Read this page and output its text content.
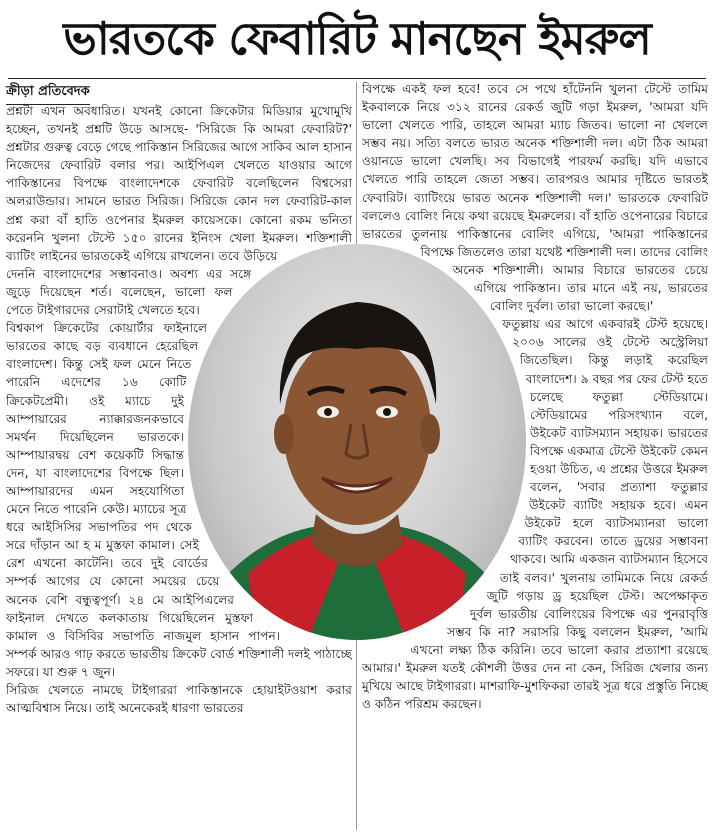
ভারতকে ফেবারিট মানছেন ইমরুল
ক্রীড়া প্রতিবেদক

প্রশ্নটা এখন অবধারিত। যখনই কোনো ক্রিকেটার মিডিয়ার মুখোমুখি হচ্ছেন, তখনই প্রশ্নটি উড়ে আসছে- 'সিরিজে কি আমরা ফেবারিট?' প্রশ্নটার গুরুত্ব বেড়ে গেছে পাকিস্তান সিরিজের আগে সাকিব আল হাসান নিজেদের ফেবারিট বলার পর। আইপিএল খেলতে যাওয়ার আগে পাকিস্তানের বিপক্ষে বাংলাদেশকে ফেবারিট বলেছিলেন বিশ্বসেরা অলরাউন্ডার। সামনে ভারত সিরিজ। সিরিজে কোন দল ফেবারিট-কাল প্রশ্ন করা বাঁ হাতি ওপেনার ইমরুল কায়েসকে। কোনো রকম ভনিতা করেননি খুলনা টেস্টে ১৫০ রানের ইনিংস খেলা ইমরুল। শক্তিশালী ব্যাটিং লাইনের ভারতকেই এগিয়ে রাখলেন। তবে উড়িয়ে দেননি বাংলাদেশের সম্ভাবনাও। অবশ্য এর সঙ্গে জুড়ে দিয়েছেন শর্ত। বলেছেন, ভালো ফল পেতে টাইগারদের সেরাটাই খেলতে হবে।

বিশ্বকাপ ক্রিকেটের কোয়ার্টার ফাইনালে ভারতের কাছে বড় ব্যবধানে হেরেছিল বাংলাদেশ। কিন্তু সেই ফল মেনে নিতে পারেনি এদেশের ১৬ কোটি ক্রিকেটপ্রেমী। ওই ম্যাচে দুই আম্পায়ারের ন্যাক্কারজনকভাবে সমর্থন দিয়েছিলেন ভারতকে। আম্পায়ারদ্বয় বেশ কয়েকটি সিদ্ধান্ত দেন, যা বাংলাদেশের বিপক্ষে ছিল। আম্পায়ারদের এমন সহযোগিতা মেনে নিতে পারেনি কেউ। ম্যাচের সূত্র ধরে আইসিসির সভাপতির পদ থেকে সরে দাঁড়ান আ হ ম মুস্তফা কামাল। সেই রেশ এখনো কাটেনি। তবে দুই বোর্ডের সম্পর্ক আগের যে কোনো সময়ের চেয়ে অনেক বেশি বন্ধুত্বপূর্ণ। ২৪ মে আইপিএলের ফাইনাল দেখতে কলকাতায় গিয়েছিলেন মুস্তফা কামাল ও বিসিবির সভাপতি নাজমুল হাসান পাপন। সম্পর্ক আরও গাঢ় করতে ভারতীয় ক্রিকেট বোর্ড শক্তিশালী দলই পাঠাচ্ছে সফরে। যা শুরু ৭ জুন।

সিরিজ খেলতে নামছে টাইগাররা পাকিস্তানকে হোয়াইটওয়াশ করার আত্মবিশ্বাস নিয়ে। তাই অনেকেরই ধারণা ভারতের

বিপক্ষে একই ফল হবে! তবে সে পথে হাঁটেননি খুলনা টেস্টে তামিম ইকবালকে নিয়ে ৩১২ রানের রেকর্ড জুটি গড়া ইমরুল, 'আমরা যদি ভালো খেলতে পারি, তাহলে আমরা ম্যাচ জিতব। ভালো না খেললে সম্ভব নয়। সত্যি বলতে ভারত অনেক শক্তিশালী দল। এটা ঠিক আমরা ওয়ানডে ভালো খেলছি। সব বিভাগেই পারফর্ম করছি। যদি এভাবে খেলতে পারি তাহলে জেতা সম্ভব। তারপরও আমার দৃষ্টিতে ভারতই ফেবারিট। ব্যাটিংয়ে ভারত অনেক শক্তিশালী দল।' ভারতকে ফেবারিট বললেও বোলিং নিয়ে কথা রয়েছে ইমরুলের। বাঁ হাতি ওপেনারের বিচারে ভারতের তুলনায় পাকিস্তানের বোলিং এগিয়ে, 'আমরা পাকিস্তানের বিপক্ষে জিতলেও তারা যথেষ্ট শক্তিশালী দল। তাদের বোলিং অনেক শক্তিশালী। আমার বিচারে ভারতের চেয়ে এগিয়ে পাকিস্তান। তার মানে এই নয়, ভারতের বোলিং দুর্বল। তারা ভালো করছে।'

ফতুল্লায় এর আগে একবারই টেস্ট হয়েছে। ২০০৬ সালের ওই টেস্টে অস্ট্রেলিয়া জিতেছিল। কিন্তু লড়াই করেছিল বাংলাদেশ। ৯ বছর পর ফের টেস্ট হতে চলেছে ফতুল্লা স্টেডিয়ামে। স্টেডিয়ামের পরিসংখ্যান বলে, উইকেট ব্যাটসম্যান সহায়ক। ভারতের বিপক্ষে একমাত্র টেস্টে উইকেট কেমন হওয়া উচিত, এ প্রশ্নের উত্তরে ইমরুল বলেন, 'সবার প্রত্যাশা ফতুল্লার উইকেট ব্যাটিং সহায়ক হবে। এমন উইকেট হলে ব্যাটসম্যানরা ভালো ব্যাটিং করবেন। তাতে ড্রয়ের সম্ভাবনা থাকবে। আমি একজন ব্যাটসম্যান হিসেবে তাই বলব।' খুলনায় তামিমকে নিয়ে রেকর্ড জুটি গড়ায় ড্র হয়েছিল টেস্ট। অপেক্ষাকৃত দুর্বল ভারতীয় বোলিংয়ের বিপক্ষে এর পুনরাবৃত্তি সম্ভব কি না? সরাসরি কিছু বললেন ইমরুল, 'আমি এখনো লক্ষ্য ঠিক করিনি। তবে ভালো করার প্রত্যাশা রয়েছে আমার।' ইমরুল যতই কৌশলী উত্তর দেন না কেন, সিরিজ খেলার জন্য মুখিয়ে আছে টাইগাররা। মাশরাফি-মুশফিকরা তারই সূত্র ধরে প্রস্তুতি নিচ্ছে ও কঠিন পরিশ্রম করছেন।
